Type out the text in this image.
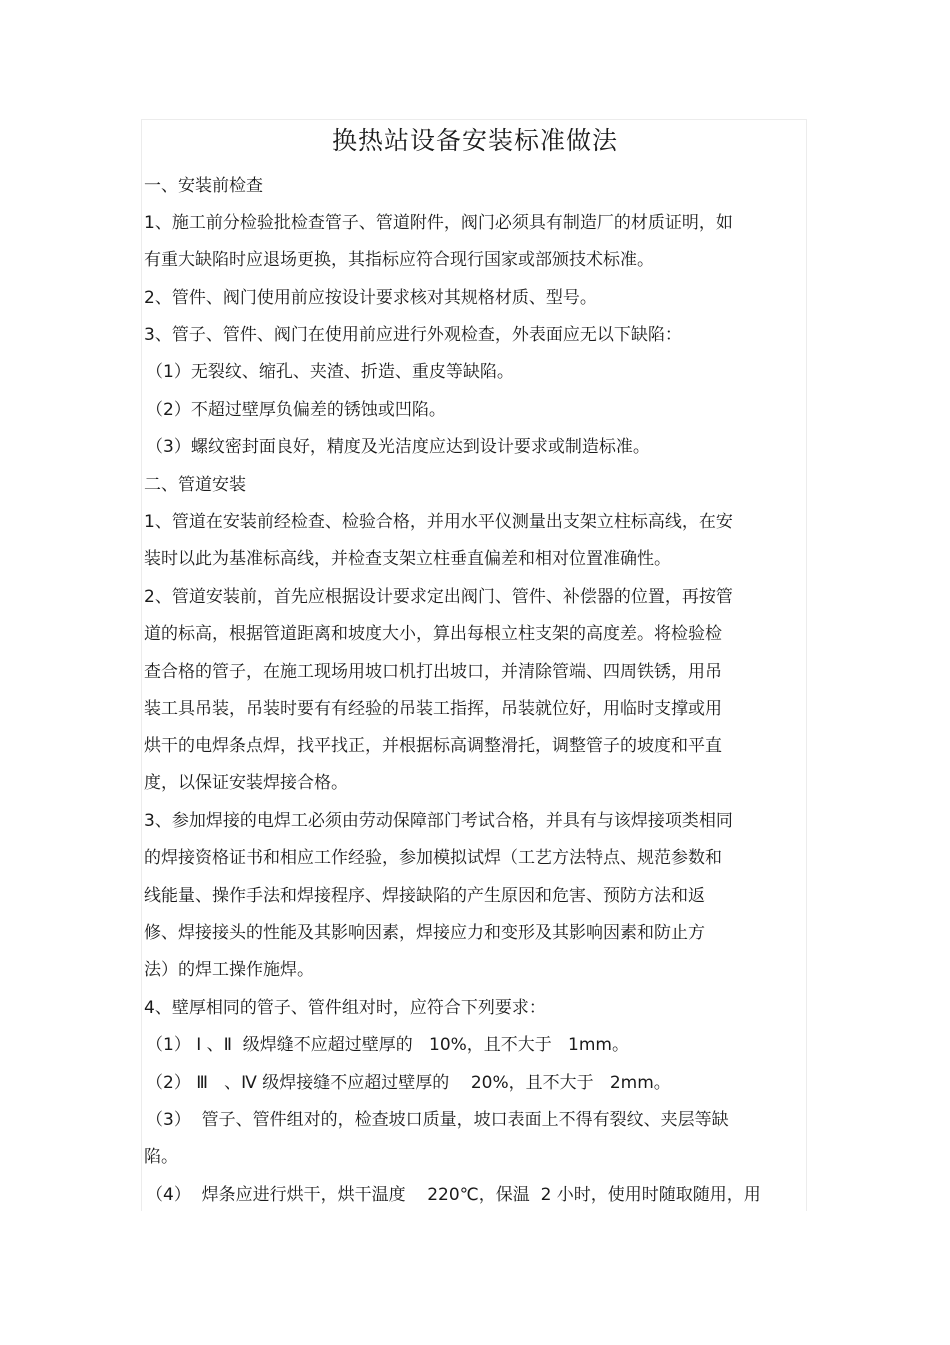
换热站设备安装标准做法

一、安装前检查

1、施工前分检验批检查管子、管道附件，阀门必须具有制造厂的材质证明，如

有重大缺陷时应退场更换，其指标应符合现行国家或部颁技术标准。

2、管件、阀门使用前应按设计要求核对其规格材质、型号。

3、管子、管件、阀门在使用前应进行外观检查，外表面应无以下缺陷：

（1）无裂纹、缩孔、夹渣、折造、重皮等缺陷。

（2）不超过壁厚负偏差的锈蚀或凹陷。

（3）螺纹密封面良好，精度及光洁度应达到设计要求或制造标准。

二、管道安装

1、管道在安装前经检查、检验合格，并用水平仪测量出支架立柱标高线，在安

装时以此为基准标高线，并检查支架立柱垂直偏差和相对位置准确性。

2、管道安装前，首先应根据设计要求定出阀门、管件、补偿器的位置，再按管

道的标高，根据管道距离和坡度大小，算出每根立柱支架的高度差。将检验检

查合格的管子，在施工现场用坡口机打出坡口，并清除管端、四周铁锈，用吊

装工具吊装，吊装时要有有经验的吊装工指挥，吊装就位好，用临时支撑或用

烘干的电焊条点焊，找平找正，并根据标高调整滑托，调整管子的坡度和平直

度，以保证安装焊接合格。

3、参加焊接的电焊工必须由劳动保障部门考试合格，并具有与该焊接项类相同

的焊接资格证书和相应工作经验，参加模拟试焊（工艺方法特点、规范参数和

线能量、操作手法和焊接程序、焊接缺陷的产生原因和危害、预防方法和返

修、焊接接头的性能及其影响因素，焊接应力和变形及其影响因素和防止方

法）的焊工操作施焊。

4、壁厚相同的管子、管件组对时，应符合下列要求：

（1） Ⅰ 、Ⅱ  级焊缝不应超过壁厚的   10%，且不大于   1mm。

（2） Ⅲ   、Ⅳ 级焊接缝不应超过壁厚的    20%，且不大于   2mm。

（3）  管子、管件组对的，检查坡口质量，坡口表面上不得有裂纹、夹层等缺

陷。

（4）  焊条应进行烘干，烘干温度    220℃，保温  2 小时，使用时随取随用，用
